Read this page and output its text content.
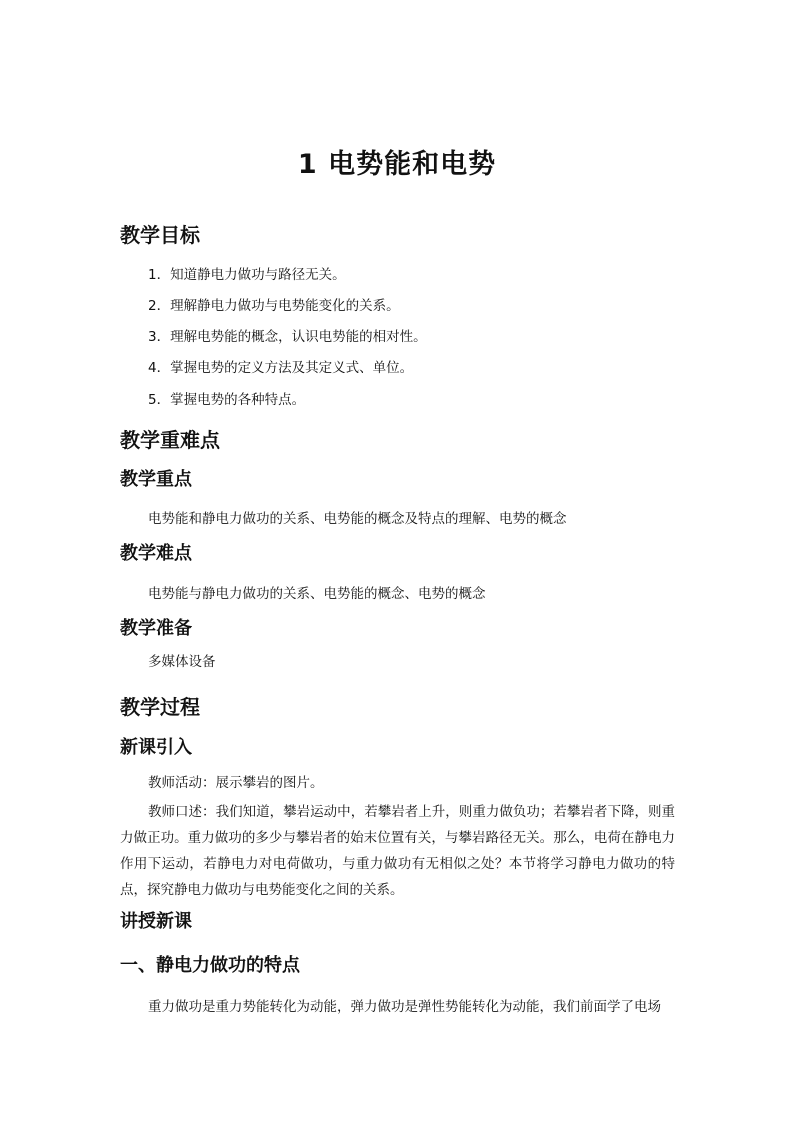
1 电势能和电势
教学目标
1．知道静电力做功与路径无关。
2．理解静电力做功与电势能变化的关系。
3．理解电势能的概念，认识电势能的相对性。
4．掌握电势的定义方法及其定义式、单位。
5．掌握电势的各种特点。
教学重难点
教学重点
电势能和静电力做功的关系、电势能的概念及特点的理解、电势的概念
教学难点
电势能与静电力做功的关系、电势能的概念、电势的概念
教学准备
多媒体设备
教学过程
新课引入
教师活动：展示攀岩的图片。
教师口述：我们知道，攀岩运动中，若攀岩者上升，则重力做负功；若攀岩者下降，则重力做正功。重力做功的多少与攀岩者的始末位置有关，与攀岩路径无关。那么，电荷在静电力作用下运动，若静电力对电荷做功，与重力做功有无相似之处？本节将学习静电力做功的特点，探究静电力做功与电势能变化之间的关系。
讲授新课
一、静电力做功的特点
重力做功是重力势能转化为动能，弹力做功是弹性势能转化为动能，我们前面学了电场
